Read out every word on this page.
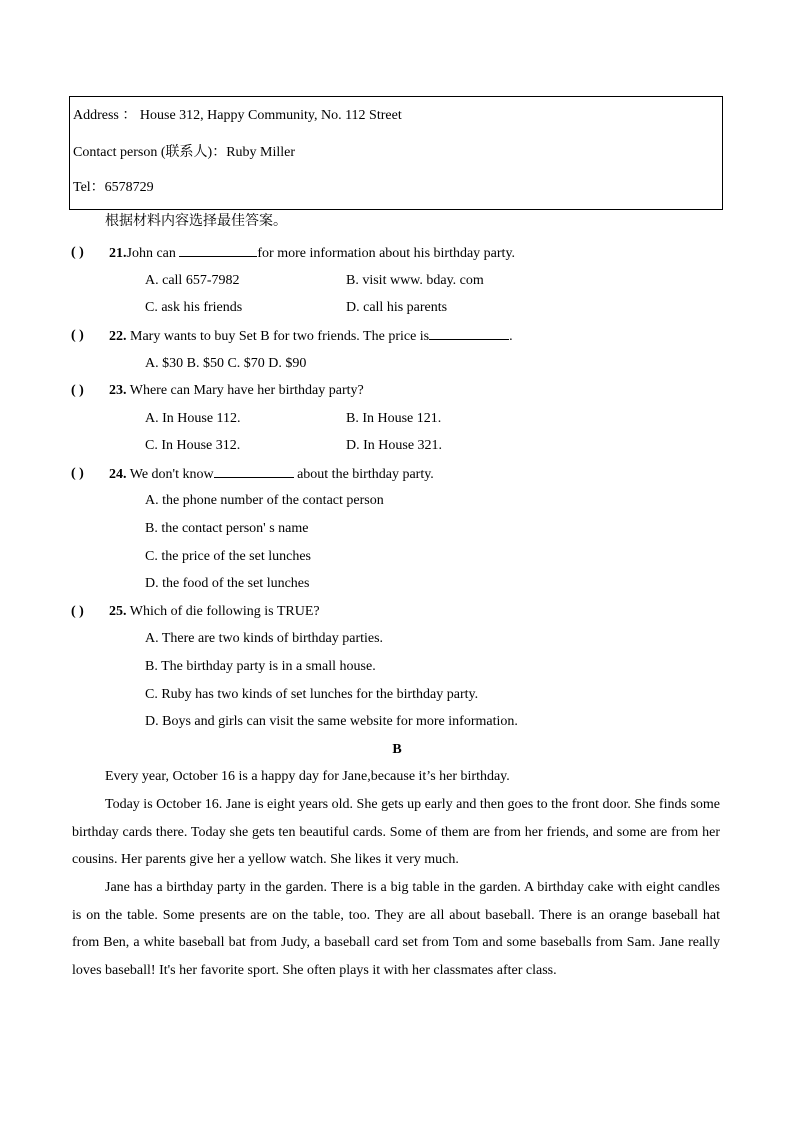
Address ： House 312, Happy Community, No. 112 Street
Contact person (联系人)：Ruby Miller
Tel：6578729
根据材料内容选择最佳答案。
( ) 21.John can	for more information about his birthday party.
A. call 657-7982	B. visit www. bday. com
C. ask his friends	D. call his parents
( ) 22. Mary wants to buy Set B for two friends. The price is	.
A. $30 B. $50 C. $70 D. $90
( ) 23. Where can Mary have her birthday party?
A. In House 112.	B. In House 121.
C. In House 312.	D. In House 321.
( ) 24. We don't know	about the birthday party.
A. the phone number of the contact person
B. the contact person' s name
C. the price of the set lunches
D. the food of the set lunches
( ) 25. Which of die following is TRUE?
A. There are two kinds of birthday parties.
B. The birthday party is in a small house.
C. Ruby has two kinds of set lunches for the birthday party.
D. Boys and girls can visit the same website for more information.
B
Every year, October 16 is a happy day for Jane,because it’s her birthday.
Today is October 16. Jane is eight years old. She gets up early and then goes to the front door. She finds some birthday cards there. Today she gets ten beautiful cards. Some of them are from her friends, and some are from her cousins. Her parents give her a yellow watch. She likes it very much.
Jane has a birthday party in the garden. There is a big table in the garden. A birthday cake with eight candles is on the table. Some presents are on the table, too. They are all about baseball. There is an orange baseball hat from Ben, a white baseball bat from Judy, a baseball card set from Tom and some baseballs from Sam. Jane really loves baseball! It's her favorite sport. She often plays it with her classmates after class.
